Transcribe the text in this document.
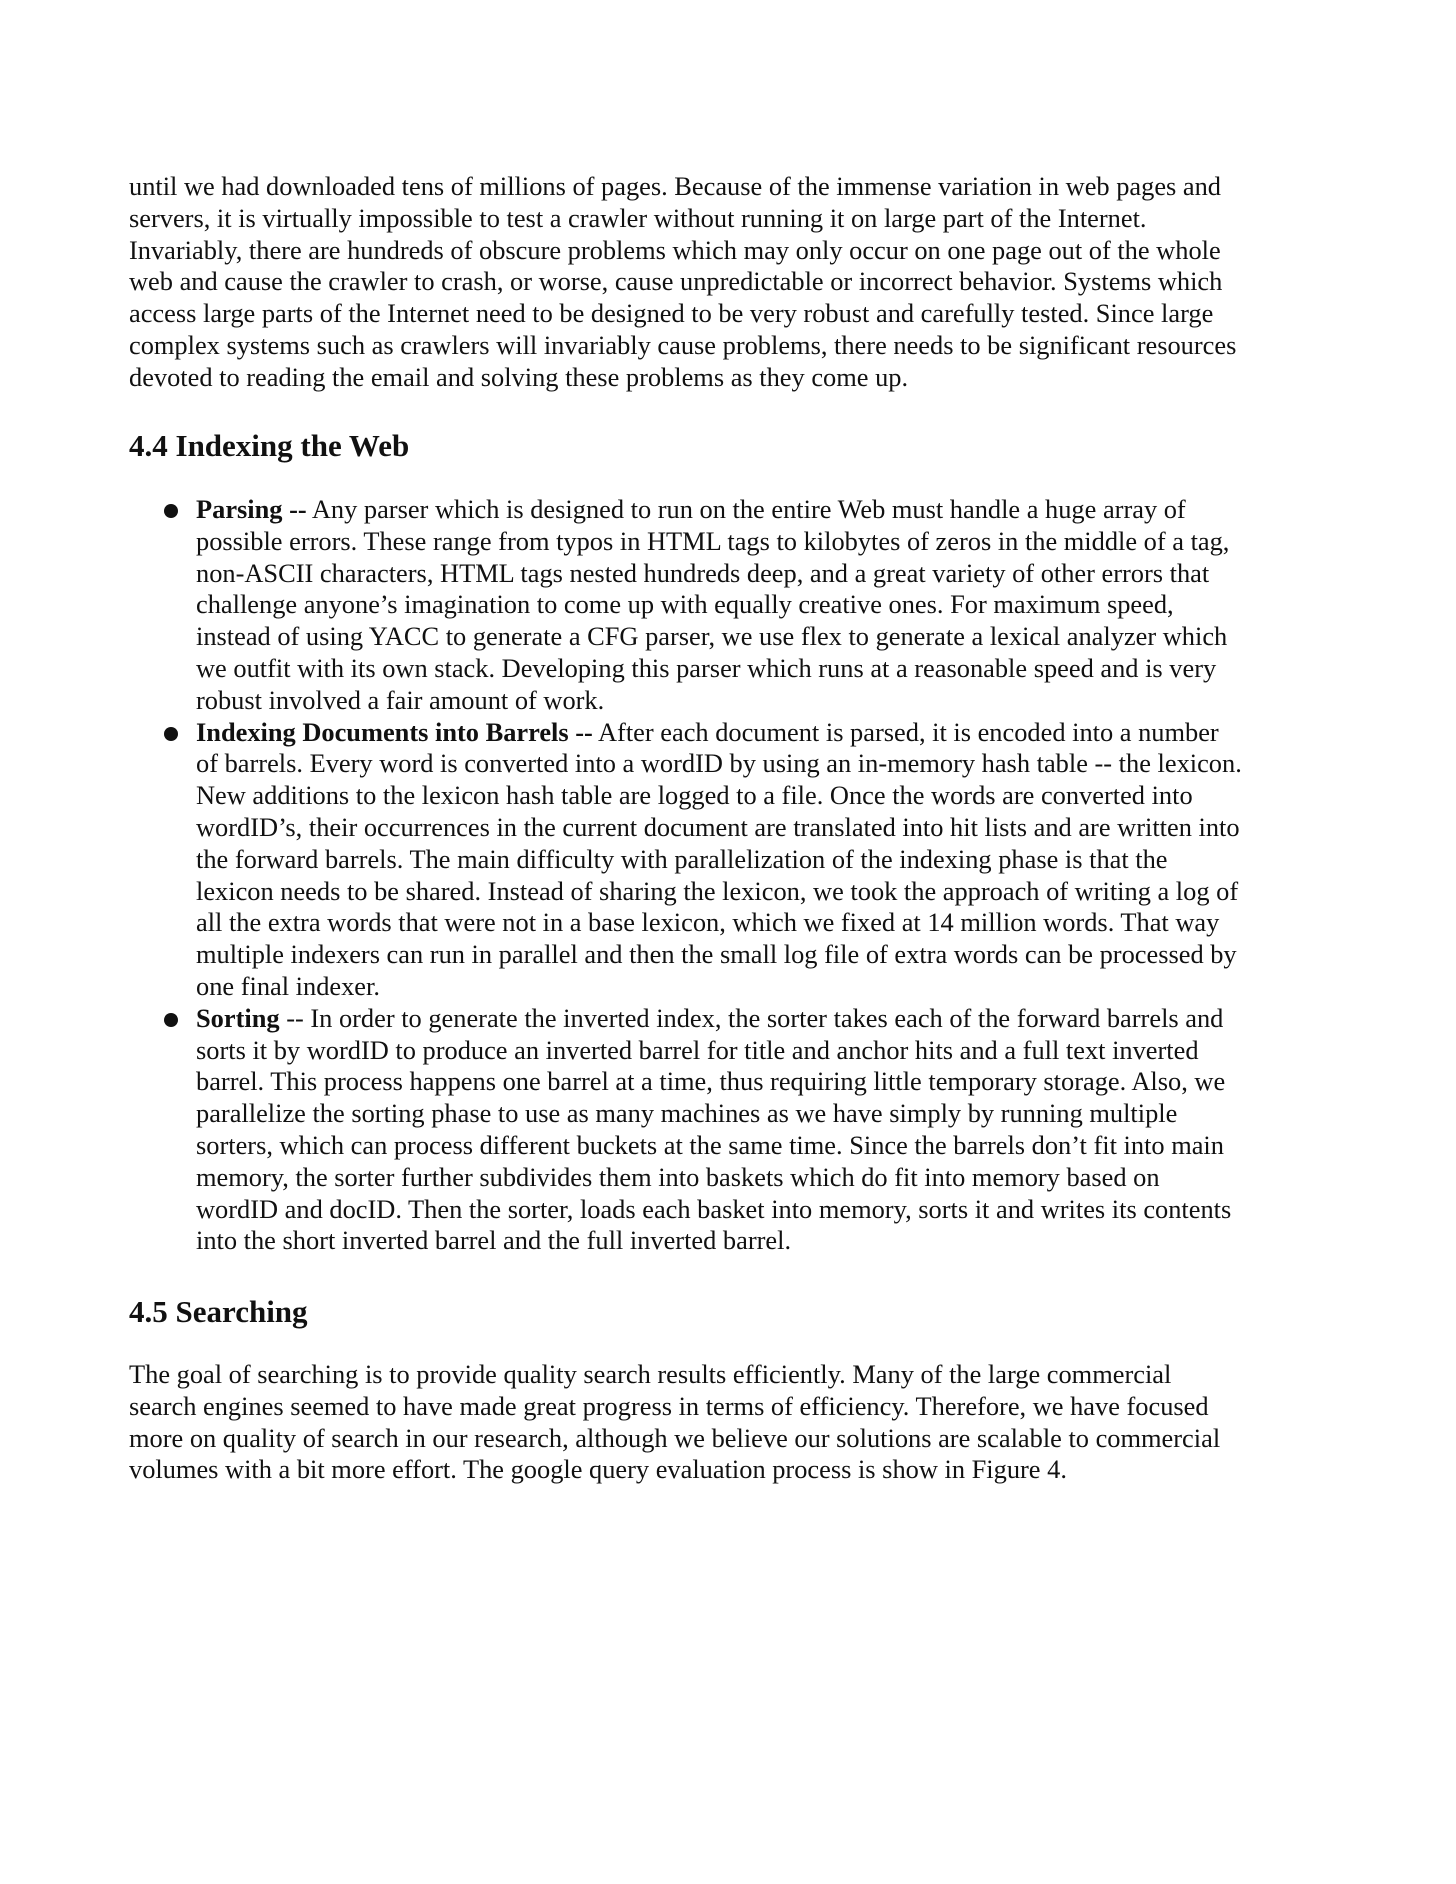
until we had downloaded tens of millions of pages. Because of the immense variation in web pages and
servers, it is virtually impossible to test a crawler without running it on large part of the Internet.
Invariably, there are hundreds of obscure problems which may only occur on one page out of the whole
web and cause the crawler to crash, or worse, cause unpredictable or incorrect behavior. Systems which
access large parts of the Internet need to be designed to be very robust and carefully tested. Since large
complex systems such as crawlers will invariably cause problems, there needs to be significant resources
devoted to reading the email and solving these problems as they come up.
4.4 Indexing the Web
Parsing -- Any parser which is designed to run on the entire Web must handle a huge array of
possible errors. These range from typos in HTML tags to kilobytes of zeros in the middle of a tag,
non-ASCII characters, HTML tags nested hundreds deep, and a great variety of other errors that
challenge anyone’s imagination to come up with equally creative ones. For maximum speed,
instead of using YACC to generate a CFG parser, we use flex to generate a lexical analyzer which
we outfit with its own stack. Developing this parser which runs at a reasonable speed and is very
robust involved a fair amount of work.
Indexing Documents into Barrels -- After each document is parsed, it is encoded into a number
of barrels. Every word is converted into a wordID by using an in-memory hash table -- the lexicon.
New additions to the lexicon hash table are logged to a file. Once the words are converted into
wordID’s, their occurrences in the current document are translated into hit lists and are written into
the forward barrels. The main difficulty with parallelization of the indexing phase is that the
lexicon needs to be shared. Instead of sharing the lexicon, we took the approach of writing a log of
all the extra words that were not in a base lexicon, which we fixed at 14 million words. That way
multiple indexers can run in parallel and then the small log file of extra words can be processed by
one final indexer.
Sorting -- In order to generate the inverted index, the sorter takes each of the forward barrels and
sorts it by wordID to produce an inverted barrel for title and anchor hits and a full text inverted
barrel. This process happens one barrel at a time, thus requiring little temporary storage. Also, we
parallelize the sorting phase to use as many machines as we have simply by running multiple
sorters, which can process different buckets at the same time. Since the barrels don’t fit into main
memory, the sorter further subdivides them into baskets which do fit into memory based on
wordID and docID. Then the sorter, loads each basket into memory, sorts it and writes its contents
into the short inverted barrel and the full inverted barrel.
4.5 Searching
The goal of searching is to provide quality search results efficiently. Many of the large commercial
search engines seemed to have made great progress in terms of efficiency. Therefore, we have focused
more on quality of search in our research, although we believe our solutions are scalable to commercial
volumes with a bit more effort. The google query evaluation process is show in Figure 4.
